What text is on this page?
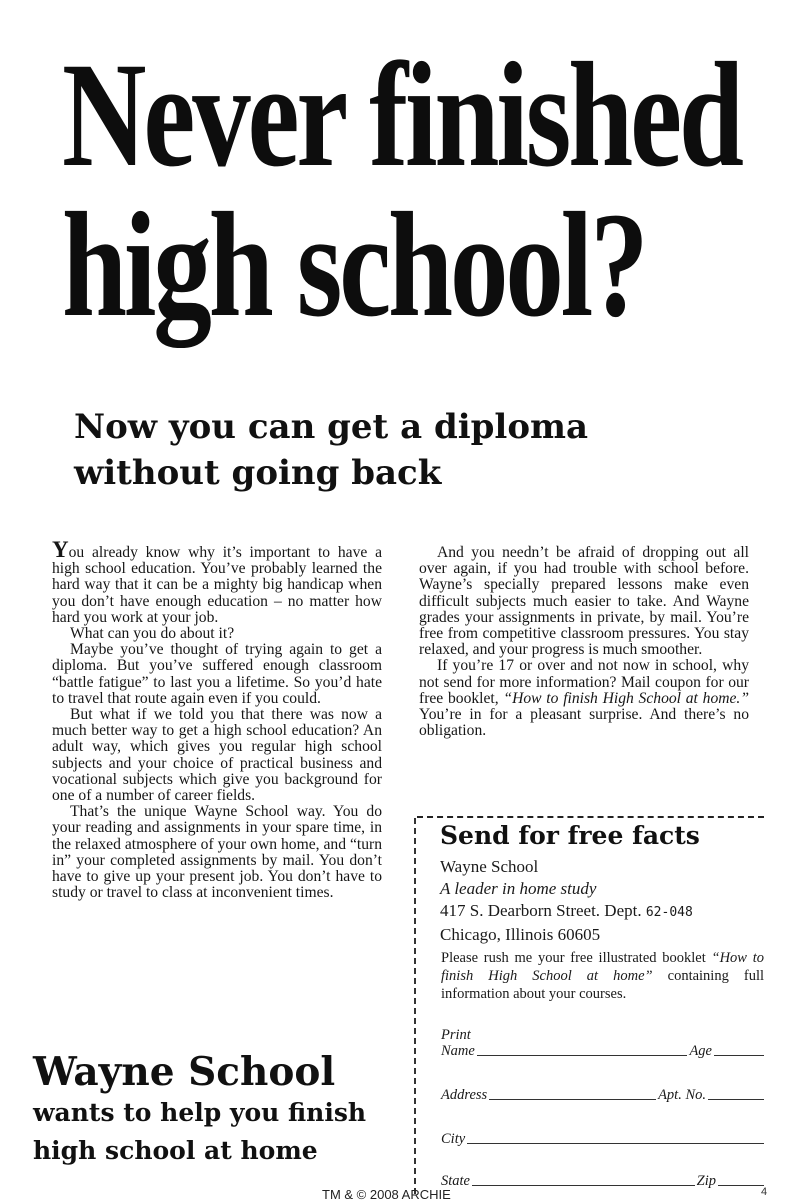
Never finished
high school?
Now you can get a diploma
without going back

You already know why it’s important to have a high school education. You’ve probably learned the hard way that it can be a mighty big handicap when you don’t have enough education – no matter how hard you work at your job.

What can you do about it?

Maybe you’ve thought of trying again to get a diploma. But you’ve suffered enough classroom “battle fatigue” to last you a lifetime. So you’d hate to travel that route again even if you could.

But what if we told you that there was now a much better way to get a high school education? An adult way, which gives you regular high school subjects and your choice of practical business and vocational subjects which give you background for one of a number of career fields.

That’s the unique Wayne School way. You do your reading and assignments in your spare time, in the relaxed atmosphere of your own home, and “turn in” your completed assignments by mail. You don’t have to give up your present job. You don’t have to study or travel to class at inconvenient times.

And you needn’t be afraid of dropping out all over again, if you had trouble with school before. Wayne’s specially prepared lessons make even difficult subjects much easier to take. And Wayne grades your assignments in private, by mail. You’re free from competitive classroom pressures. You stay relaxed, and your progress is much smoother.

If you’re 17 or over and not now in school, why not send for more information? Mail coupon for our free booklet, “How to finish High School at home.” You’re in for a pleasant surprise. And there’s no obligation.

Wayne School
wants to help you finish
high school at home
Send for free facts
Wayne School
A leader in home study
417 S. Dearborn Street. Dept. 62-048
Chicago, Illinois 60605
Please rush me your free illustrated booklet “How to finish High School at home” containing full information about your courses.
Print
Name	Age
Address	Apt. No.
City
State	Zip
TM & © 2008 ARCHIE	4
